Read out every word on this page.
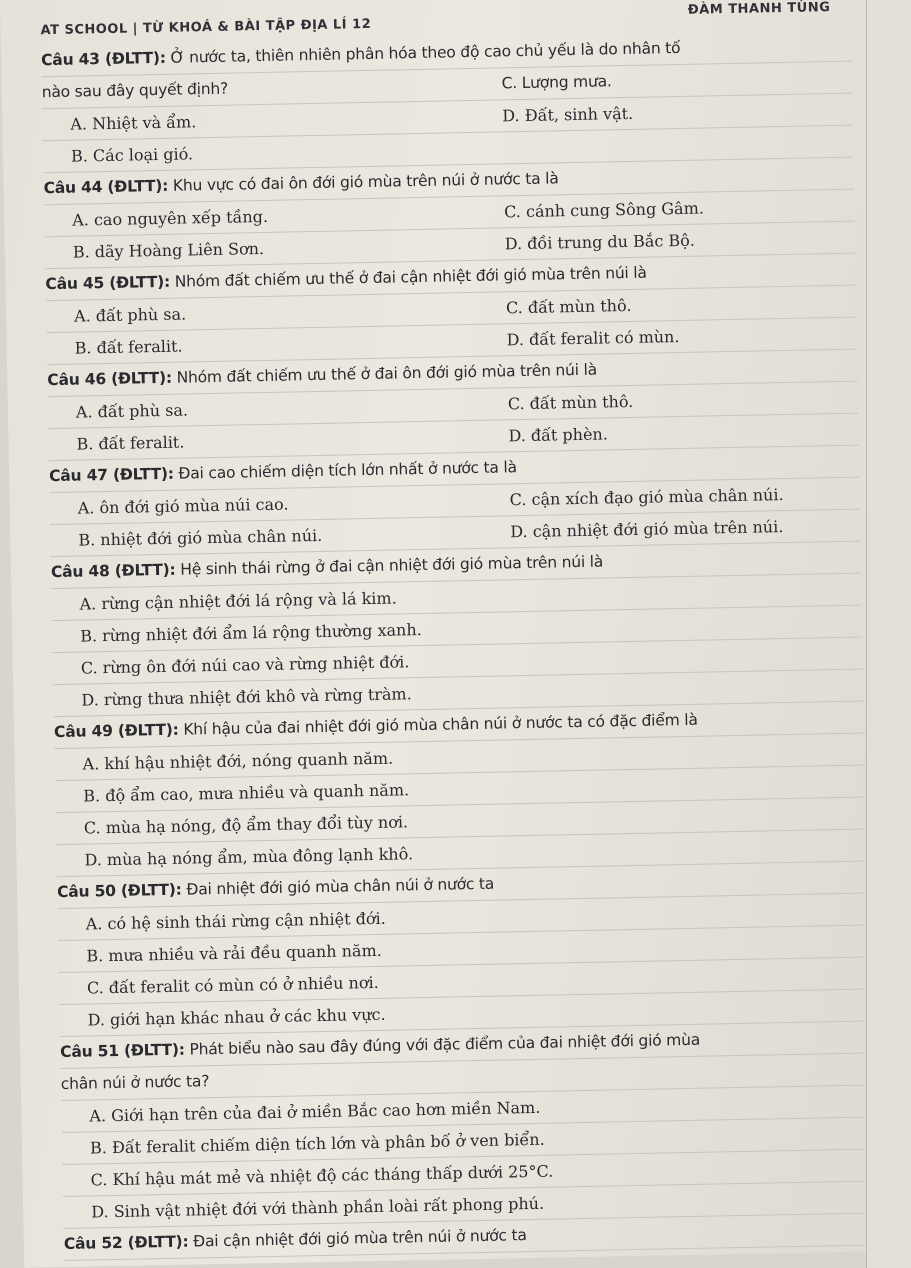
AT SCHOOL | TỪ KHOÁ & BÀI TẬP ĐỊA LÍ 12
ĐÀM THANH TÙNG
Câu 43 (ĐLTT): Ở nước ta, thiên nhiên phân hóa theo độ cao chủ yếu là do nhân tố
nào sau đây quyết định?	C. Lượng mưa.
A. Nhiệt và ẩm.	D. Đất, sinh vật.
B. Các loại gió.
Câu 44 (ĐLTT): Khu vực có đai ôn đới gió mùa trên núi ở nước ta là
A. cao nguyên xếp tầng.	C. cánh cung Sông Gâm.
B. dãy Hoàng Liên Sơn.	D. đồi trung du Bắc Bộ.
Câu 45 (ĐLTT): Nhóm đất chiếm ưu thế ở đai cận nhiệt đới gió mùa trên núi là
A. đất phù sa.	C. đất mùn thô.
B. đất feralit.	D. đất feralit có mùn.
Câu 46 (ĐLTT): Nhóm đất chiếm ưu thế ở đai ôn đới gió mùa trên núi là
A. đất phù sa.	C. đất mùn thô.
B. đất feralit.	D. đất phèn.
Câu 47 (ĐLTT): Đai cao chiếm diện tích lớn nhất ở nước ta là
A. ôn đới gió mùa núi cao.	C. cận xích đạo gió mùa chân núi.
B. nhiệt đới gió mùa chân núi.	D. cận nhiệt đới gió mùa trên núi.
Câu 48 (ĐLTT): Hệ sinh thái rừng ở đai cận nhiệt đới gió mùa trên núi là
A. rừng cận nhiệt đới lá rộng và lá kim.
B. rừng nhiệt đới ẩm lá rộng thường xanh.
C. rừng ôn đới núi cao và rừng nhiệt đới.
D. rừng thưa nhiệt đới khô và rừng tràm.
Câu 49 (ĐLTT): Khí hậu của đai nhiệt đới gió mùa chân núi ở nước ta có đặc điểm là
A. khí hậu nhiệt đới, nóng quanh năm.
B. độ ẩm cao, mưa nhiều và quanh năm.
C. mùa hạ nóng, độ ẩm thay đổi tùy nơi.
D. mùa hạ nóng ẩm, mùa đông lạnh khô.
Câu 50 (ĐLTT): Đai nhiệt đới gió mùa chân núi ở nước ta
A. có hệ sinh thái rừng cận nhiệt đới.
B. mưa nhiều và rải đều quanh năm.
C. đất feralit có mùn có ở nhiều nơi.
D. giới hạn khác nhau ở các khu vực.
Câu 51 (ĐLTT): Phát biểu nào sau đây đúng với đặc điểm của đai nhiệt đới gió mùa
chân núi ở nước ta?
A. Giới hạn trên của đai ở miền Bắc cao hơn miền Nam.
B. Đất feralit chiếm diện tích lớn và phân bố ở ven biển.
C. Khí hậu mát mẻ và nhiệt độ các tháng thấp dưới 25°C.
D. Sinh vật nhiệt đới với thành phần loài rất phong phú.
Câu 52 (ĐLTT): Đai cận nhiệt đới gió mùa trên núi ở nước ta
